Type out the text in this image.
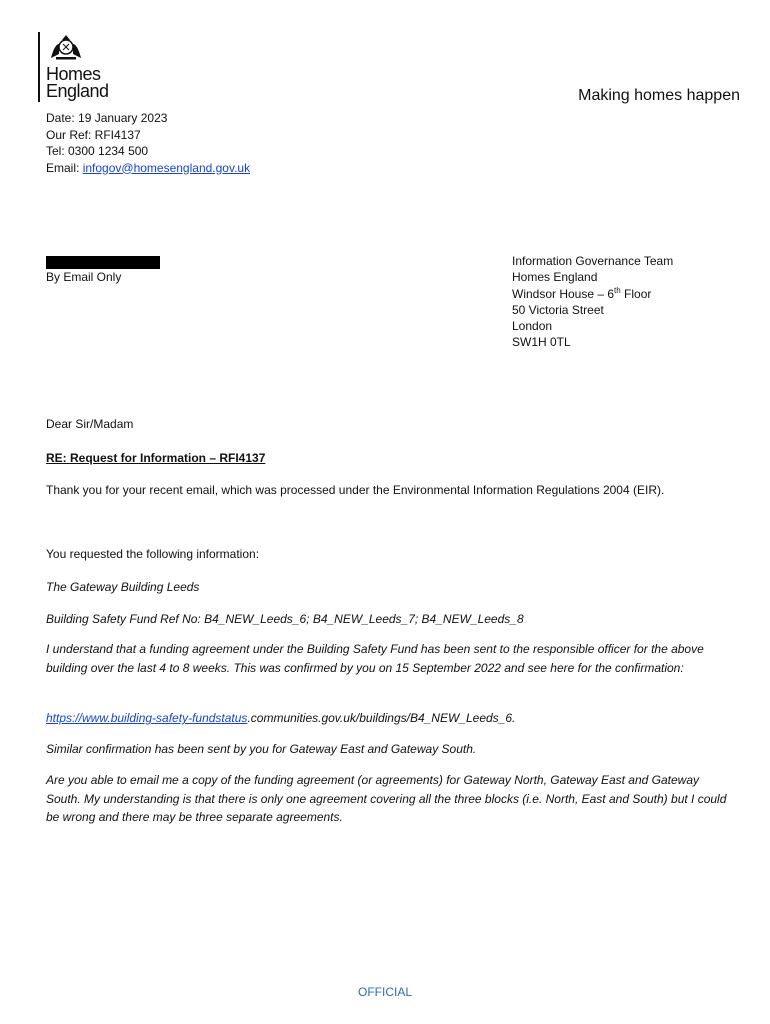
Homes
England	Making homes happen
Date: 19 January 2023
Our Ref: RFI4137
Tel: 0300 1234 500
Email: infogov@homesengland.gov.uk
By Email Only
Information Governance Team
Homes England
Windsor House – 6th Floor
50 Victoria Street
London
SW1H 0TL
Dear Sir/Madam
RE: Request for Information – RFI4137
Thank you for your recent email, which was processed under the Environmental Information Regulations 2004 (EIR).
You requested the following information:
The Gateway Building Leeds
Building Safety Fund Ref No: B4_NEW_Leeds_6; B4_NEW_Leeds_7; B4_NEW_Leeds_8
I understand that a funding agreement under the Building Safety Fund has been sent to the responsible officer for the above building over the last 4 to 8 weeks. This was confirmed by you on 15 September 2022 and see here for the confirmation:
https://www.building-safety-fundstatus.communities.gov.uk/buildings/B4_NEW_Leeds_6.
Similar confirmation has been sent by you for Gateway East and Gateway South.
Are you able to email me a copy of the funding agreement (or agreements) for Gateway North, Gateway East and Gateway South. My understanding is that there is only one agreement covering all the three blocks (i.e. North, East and South) but I could be wrong and there may be three separate agreements.
OFFICIAL
